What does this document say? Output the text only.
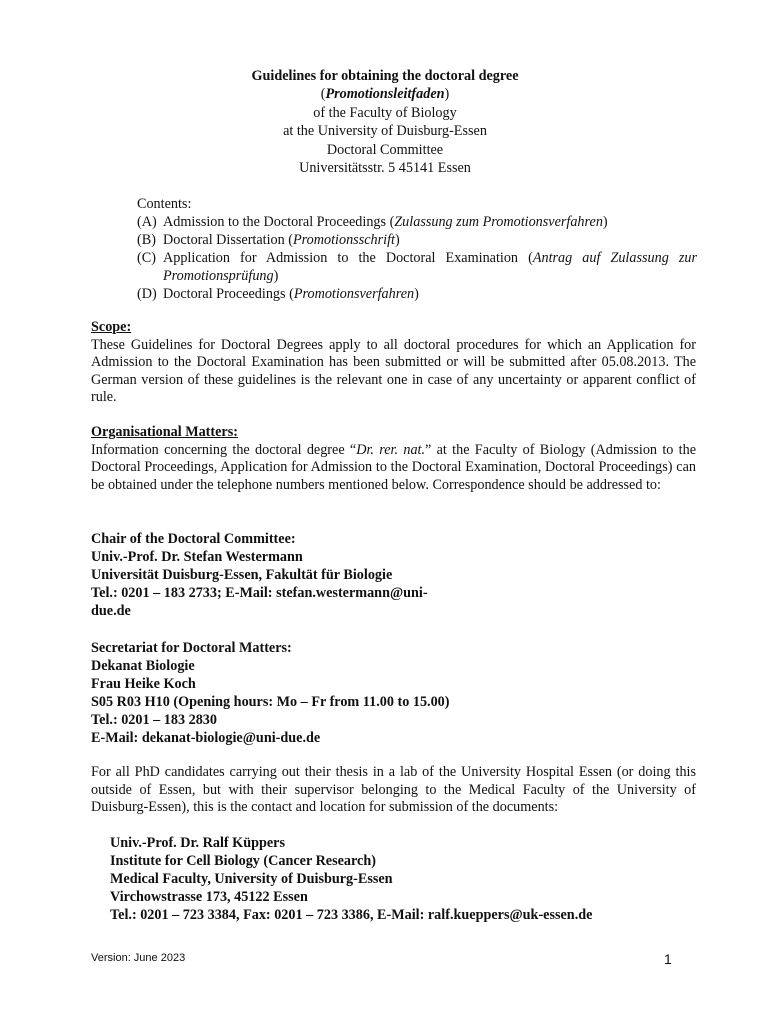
Guidelines for obtaining the doctoral degree
(Promotionsleitfaden)
of the Faculty of Biology
at the University of Duisburg-Essen
Doctoral Committee
Universitätsstr. 5 45141 Essen
Contents:
(A) Admission to the Doctoral Proceedings (Zulassung zum Promotionsverfahren)
(B) Doctoral Dissertation (Promotionsschrift)
(C) Application for Admission to the Doctoral Examination (Antrag auf Zulassung zur Promotionsprüfung)
(D) Doctoral Proceedings (Promotionsverfahren)
Scope:
These Guidelines for Doctoral Degrees apply to all doctoral procedures for which an Application for Admission to the Doctoral Examination has been submitted or will be submitted after 05.08.2013. The German version of these guidelines is the relevant one in case of any uncertainty or apparent conflict of rule.
Organisational Matters:
Information concerning the doctoral degree “Dr. rer. nat.” at the Faculty of Biology (Admission to the Doctoral Proceedings, Application for Admission to the Doctoral Examination, Doctoral Proceedings) can be obtained under the telephone numbers mentioned below. Correspondence should be addressed to:
Chair of the Doctoral Committee:
Univ.-Prof. Dr. Stefan Westermann
Universität Duisburg-Essen, Fakultät für Biologie
Tel.: 0201 – 183 2733; E-Mail: stefan.westermann@uni-
due.de
Secretariat for Doctoral Matters:
Dekanat Biologie
Frau Heike Koch
S05 R03 H10 (Opening hours: Mo – Fr from 11.00 to 15.00)
Tel.: 0201 – 183 2830
E-Mail: dekanat-biologie@uni-due.de
For all PhD candidates carrying out their thesis in a lab of the University Hospital Essen (or doing this outside of Essen, but with their supervisor belonging to the Medical Faculty of the University of Duisburg-Essen), this is the contact and location for submission of the documents:
Univ.-Prof. Dr. Ralf Küppers
Institute for Cell Biology (Cancer Research)
Medical Faculty, University of Duisburg-Essen
Virchowstrasse 173, 45122 Essen
Tel.: 0201 – 723 3384, Fax: 0201 – 723 3386, E-Mail: ralf.kueppers@uk-essen.de
Version: June 2023	1
